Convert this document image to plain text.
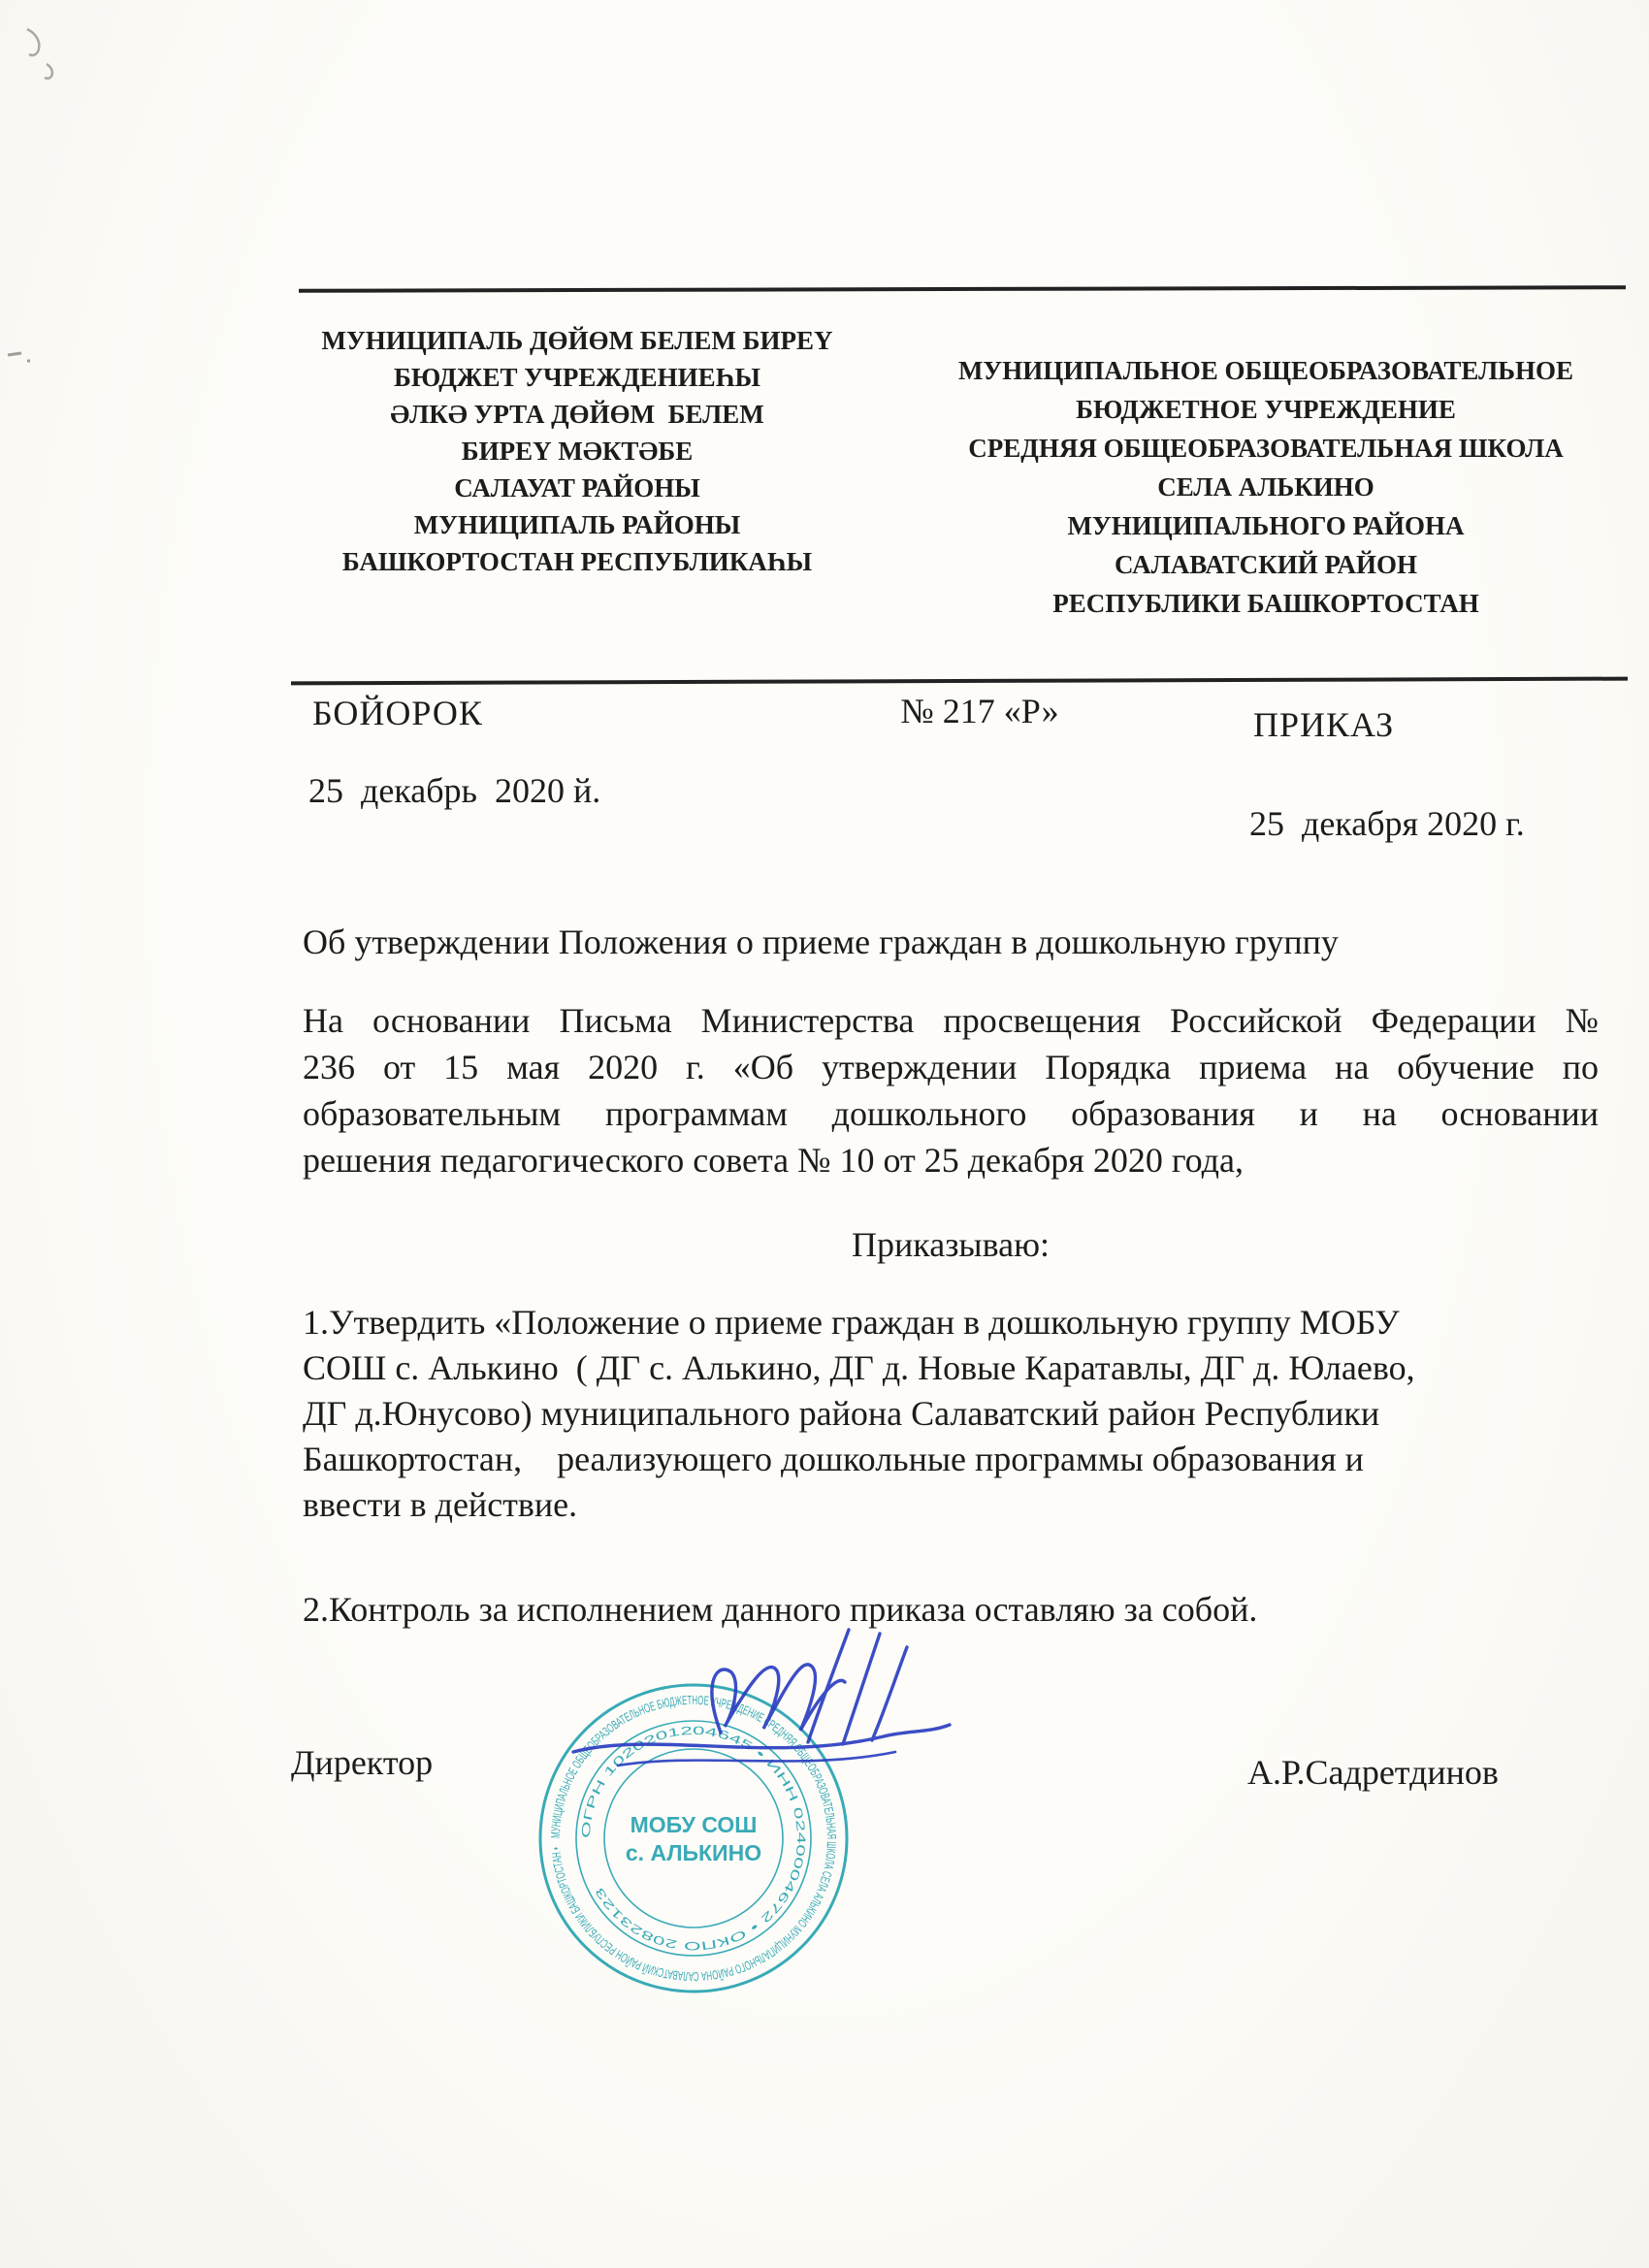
МУНИЦИПАЛЬ ДӨЙӨМ БЕЛЕМ БИРЕҮ
БЮДЖЕТ УЧРЕЖДЕНИЕҺЫ
ӘЛКӘ УРТА ДӨЙӨМ  БЕЛЕМ
БИРЕҮ МӘКТӘБЕ
САЛАУАТ РАЙОНЫ
МУНИЦИПАЛЬ РАЙОНЫ
БАШКОРТОСТАН РЕСПУБЛИКАҺЫ
МУНИЦИПАЛЬНОЕ ОБЩЕОБРАЗОВАТЕЛЬНОЕ
БЮДЖЕТНОЕ УЧРЕЖДЕНИЕ
СРЕДНЯЯ ОБЩЕОБРАЗОВАТЕЛЬНАЯ ШКОЛА
СЕЛА АЛЬКИНО
МУНИЦИПАЛЬНОГО РАЙОНА
САЛАВАТСКИЙ РАЙОН
РЕСПУБЛИКИ БАШКОРТОСТАН
БОЙОРОК	№ 217 «Р»	ПРИКАЗ
25  декабрь  2020 й.
25  декабря 2020 г.
Об утверждении Положения о приеме граждан в дошкольную группу
На основании Письма Министерства просвещения Российской Федерации №
236 от 15 мая 2020 г. «Об утверждении Порядка приема на обучение по
образовательным программам дошкольного образования и на основании
решения педагогического совета № 10 от 25 декабря 2020 года,
Приказываю:
1.Утвердить «Положение о приеме граждан в дошкольную группу МОБУ
СОШ с. Алькино  ( ДГ с. Алькино, ДГ д. Новые Каратавлы, ДГ д. Юлаево,
ДГ д.Юнусово) муниципального района Салаватский район Республики
Башкортостан,    реализующего дошкольные программы образования и
ввести в действие.
2.Контроль за исполнением данного приказа оставляю за собой.
Директор	А.Р.Садретдинов
МУНИЦИПАЛЬНОЕ ОБЩЕОБРАЗОВАТЕЛЬНОЕ БЮДЖЕТНОЕ УЧРЕЖДЕНИЕ СРЕДНЯЯ ОБЩЕОБРАЗОВАТЕЛЬНАЯ ШКОЛА СЕЛА АЛЬКИНО МУНИЦИПАЛЬНОГО РАЙОНА САЛАВАТСКИЙ РАЙОН РЕСПУБЛИКИ БАШКОРТОСТАН •
ОГРН 1020201204645 • ИНН 0240004672 • ОКПО 20823123
МОБУ СОШ
с. АЛЬКИНО
